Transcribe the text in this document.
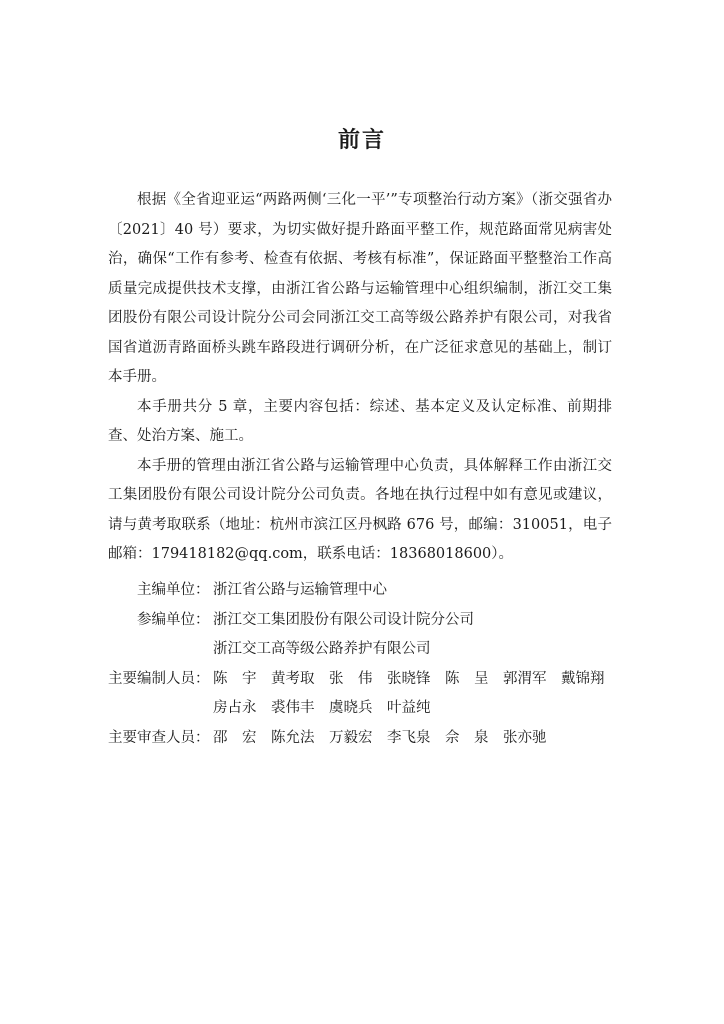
前言

根据《全省迎亚运“两路两侧‘三化一平’”专项整治行动方案》（浙交强省办〔2021〕40 号）要求，为切实做好提升路面平整工作，规范路面常见病害处治，确保“工作有参考、检查有依据、考核有标准”，保证路面平整整治工作高质量完成提供技术支撑，由浙江省公路与运输管理中心组织编制，浙江交工集团股份有限公司设计院分公司会同浙江交工高等级公路养护有限公司，对我省国省道沥青路面桥头跳车路段进行调研分析，在广泛征求意见的基础上，制订本手册。

本手册共分 5 章，主要内容包括：综述、基本定义及认定标准、前期排查、处治方案、施工。

本手册的管理由浙江省公路与运输管理中心负责，具体解释工作由浙江交工集团股份有限公司设计院分公司负责。各地在执行过程中如有意见或建议，请与黄考取联系（地址：杭州市滨江区丹枫路 676 号，邮编：310051，电子邮箱：179418182@qq.com，联系电话：18368018600）。

主编单位： 浙江省公路与运输管理中心
参编单位： 浙江交工集团股份有限公司设计院分公司
浙江交工高等级公路养护有限公司
主要编制人员： 陈　宇	黄考取	张　伟	张晓锋	陈　呈	郭渭军	戴锦翔
房占永	裘伟丰	虞晓兵	叶益纯
主要审查人员： 邵　宏	陈允法	万毅宏	李飞泉	佘　泉	张亦驰
